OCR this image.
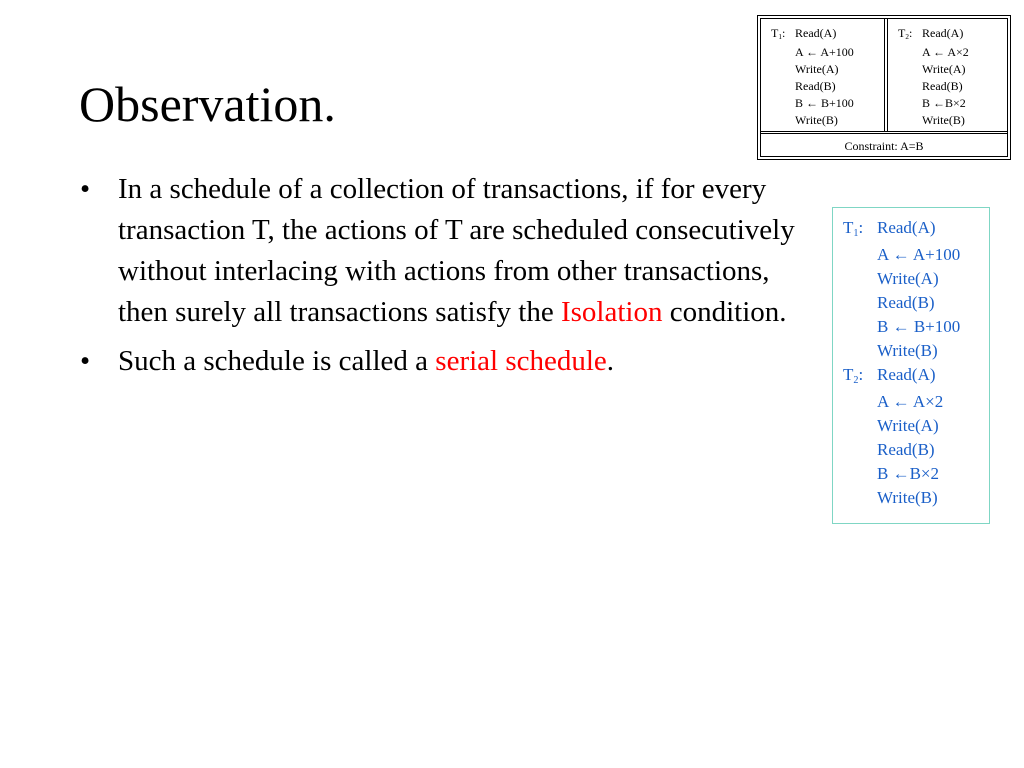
Observation.
• In a schedule of a collection of transactions, if for every transaction T, the actions of T are scheduled consecutively without interlacing with actions from other transactions, then surely all transactions satisfy the Isolation condition.
• Such a schedule is called a serial schedule.
$T_1$: Read(A)
A ← A+100
Write(A)
Read(B)
B ← B+100
Write(B)
$T_2$: Read(A)
A ← A×2
Write(A)
Read(B)
B ←B×2
Write(B)
Constraint: A=B
$T_1$: Read(A)
A ← A+100
Write(A)
Read(B)
B ← B+100
Write(B)
$T_2$: Read(A)
A ← A×2
Write(A)
Read(B)
B ←B×2
Write(B)
